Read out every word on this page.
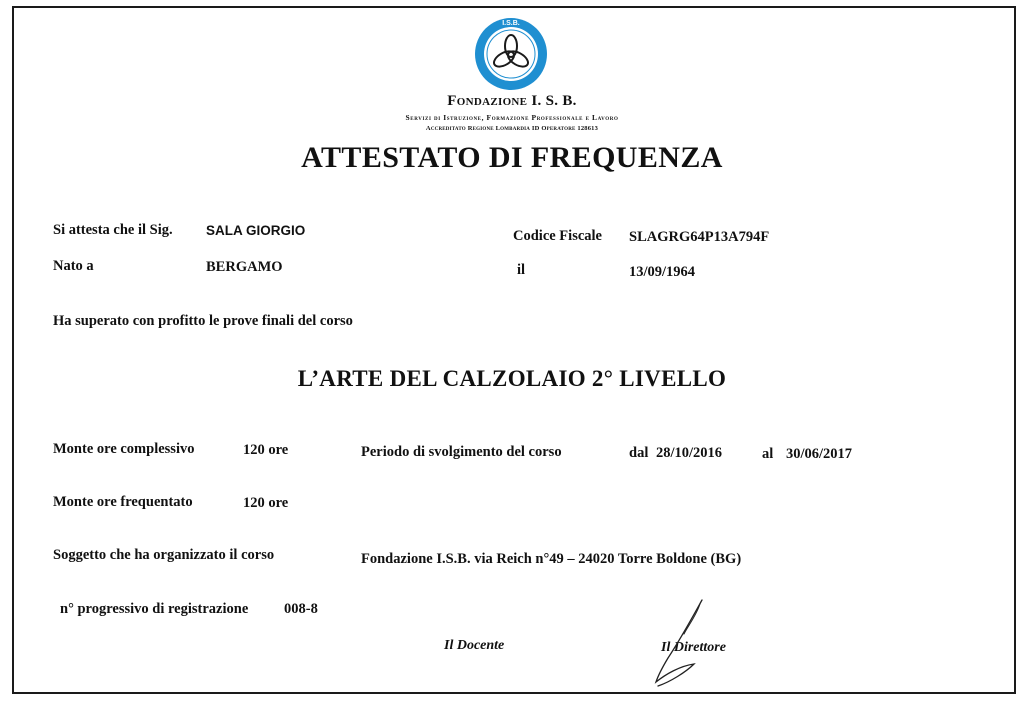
I.S.B.
Fondazione I. S. B.
Servizi di Istruzione, Formazione Professionale e Lavoro
Accreditato Regione Lombardia ID Operatore 128613
ATTESTATO DI FREQUENZA
Si attesta che il Sig. SALA GIORGIO	Codice Fiscale SLAGRG64P13A794F
Nato a	BERGAMO	il	13/09/1964
Ha superato con profitto le prove finali del corso
L’ARTE DEL CALZOLAIO 2° LIVELLO
Monte ore complessivo	120 ore	Periodo di svolgimento del corso	dal 28/10/2016	al 30/06/2017
Monte ore frequentato	120 ore
Soggetto che ha organizzato il corso	Fondazione I.S.B. via Reich n°49 – 24020 Torre Boldone (BG)
n° progressivo di registrazione 008-8
Il Docente	Il Direttore
